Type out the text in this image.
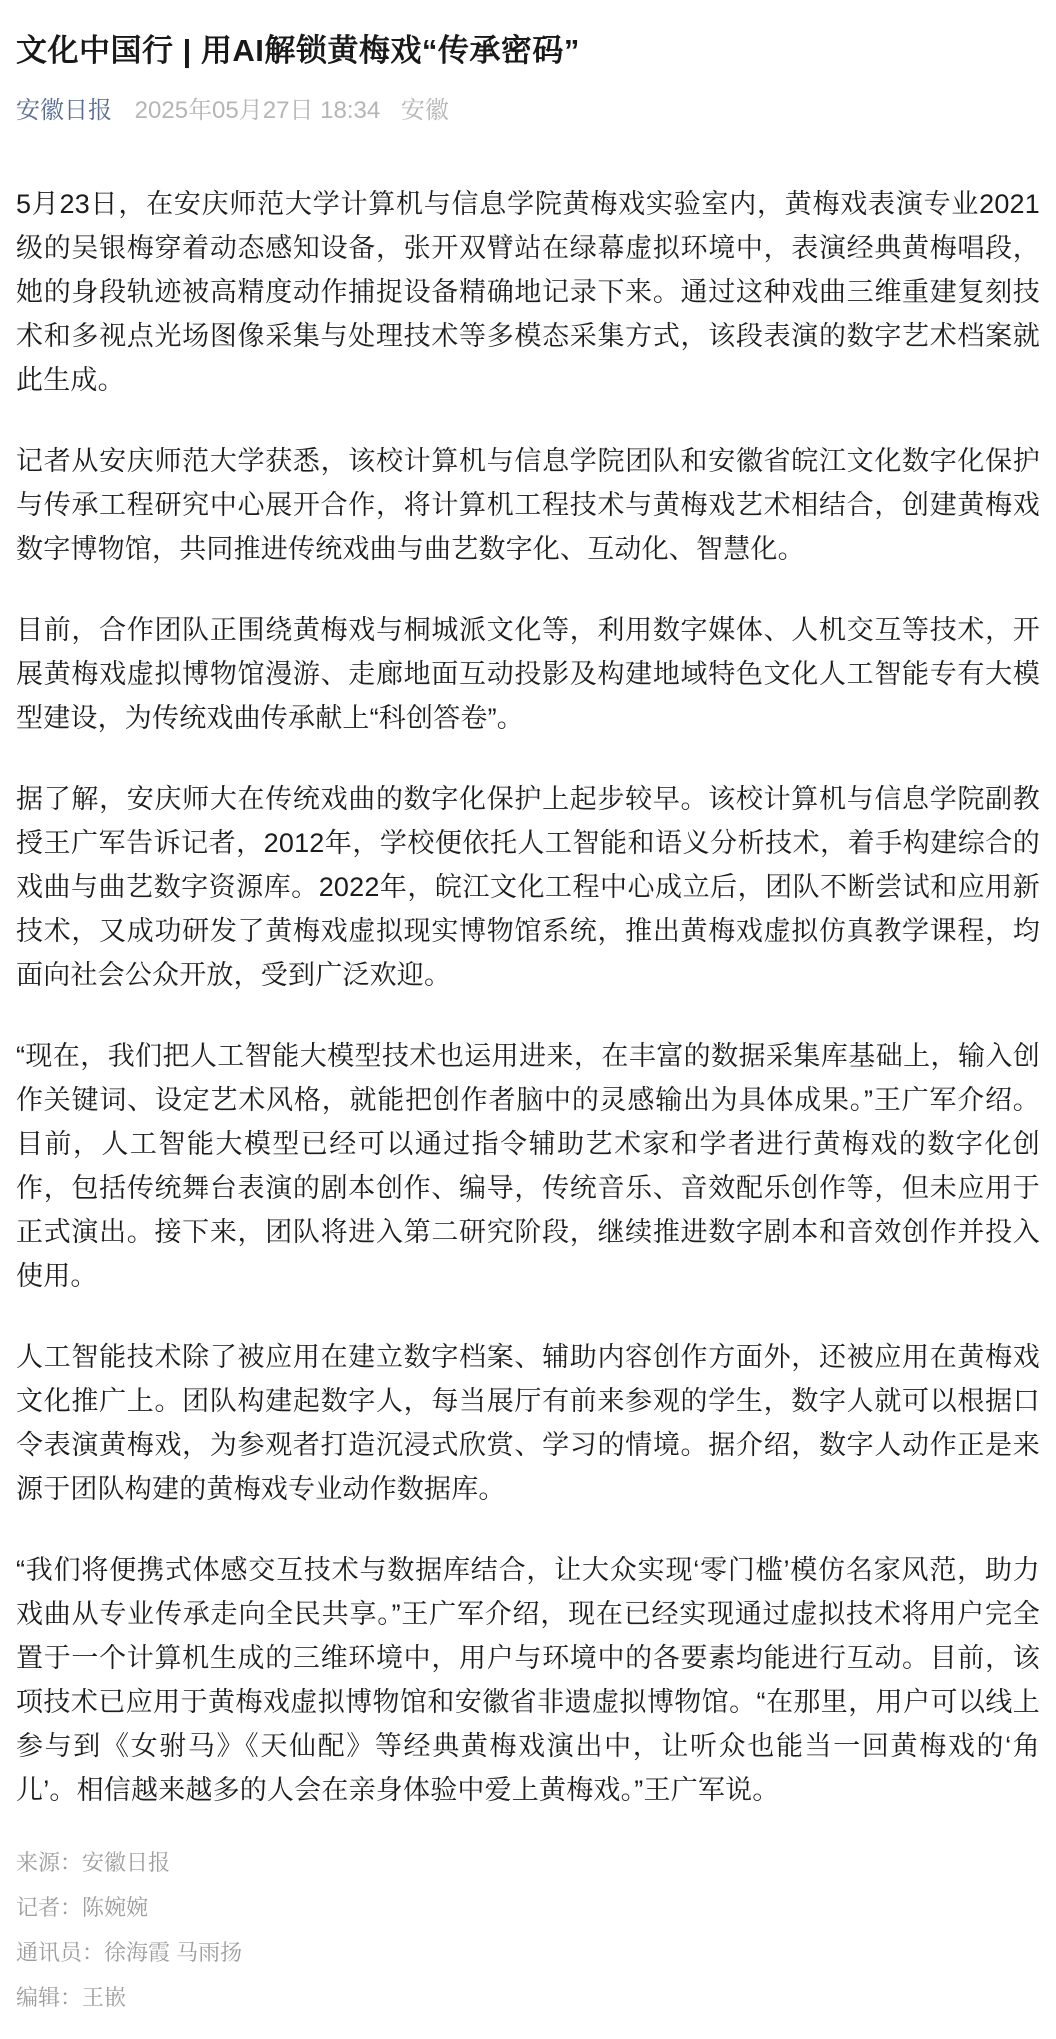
文化中国行 | 用AI解锁黄梅戏“传承密码”
安徽日报 2025年05月27日 18:34 安徽

5月23日，在安庆师范大学计算机与信息学院黄梅戏实验室内，黄梅戏表演专业2021级的吴银梅穿着动态感知设备，张开双臂站在绿幕虚拟环境中，表演经典黄梅唱段，她的身段轨迹被高精度动作捕捉设备精确地记录下来。通过这种戏曲三维重建复刻技术和多视点光场图像采集与处理技术等多模态采集方式，该段表演的数字艺术档案就此生成。

记者从安庆师范大学获悉，该校计算机与信息学院团队和安徽省皖江文化数字化保护与传承工程研究中心展开合作，将计算机工程技术与黄梅戏艺术相结合，创建黄梅戏数字博物馆，共同推进传统戏曲与曲艺数字化、互动化、智慧化。

目前，合作团队正围绕黄梅戏与桐城派文化等，利用数字媒体、人机交互等技术，开展黄梅戏虚拟博物馆漫游、走廊地面互动投影及构建地域特色文化人工智能专有大模型建设，为传统戏曲传承献上“科创答卷”。

据了解，安庆师大在传统戏曲的数字化保护上起步较早。该校计算机与信息学院副教授王广军告诉记者，2012年，学校便依托人工智能和语义分析技术，着手构建综合的戏曲与曲艺数字资源库。2022年，皖江文化工程中心成立后，团队不断尝试和应用新技术，又成功研发了黄梅戏虚拟现实博物馆系统，推出黄梅戏虚拟仿真教学课程，均面向社会公众开放，受到广泛欢迎。

“现在，我们把人工智能大模型技术也运用进来，在丰富的数据采集库基础上，输入创作关键词、设定艺术风格，就能把创作者脑中的灵感输出为具体成果。”王广军介绍。目前，人工智能大模型已经可以通过指令辅助艺术家和学者进行黄梅戏的数字化创作，包括传统舞台表演的剧本创作、编导，传统音乐、音效配乐创作等，但未应用于正式演出。接下来，团队将进入第二研究阶段，继续推进数字剧本和音效创作并投入使用。

人工智能技术除了被应用在建立数字档案、辅助内容创作方面外，还被应用在黄梅戏文化推广上。团队构建起数字人，每当展厅有前来参观的学生，数字人就可以根据口令表演黄梅戏，为参观者打造沉浸式欣赏、学习的情境。据介绍，数字人动作正是来源于团队构建的黄梅戏专业动作数据库。

“我们将便携式体感交互技术与数据库结合，让大众实现‘零门槛’模仿名家风范，助力戏曲从专业传承走向全民共享。”王广军介绍，现在已经实现通过虚拟技术将用户完全置于一个计算机生成的三维环境中，用户与环境中的各要素均能进行互动。目前，该项技术已应用于黄梅戏虚拟博物馆和安徽省非遗虚拟博物馆。“在那里，用户可以线上参与到《女驸马》《天仙配》等经典黄梅戏演出中，让听众也能当一回黄梅戏的‘角儿’。相信越来越多的人会在亲身体验中爱上黄梅戏。”王广军说。

来源：安徽日报

记者：陈婉婉

通讯员：徐海霞 马雨扬

编辑：王嵌
